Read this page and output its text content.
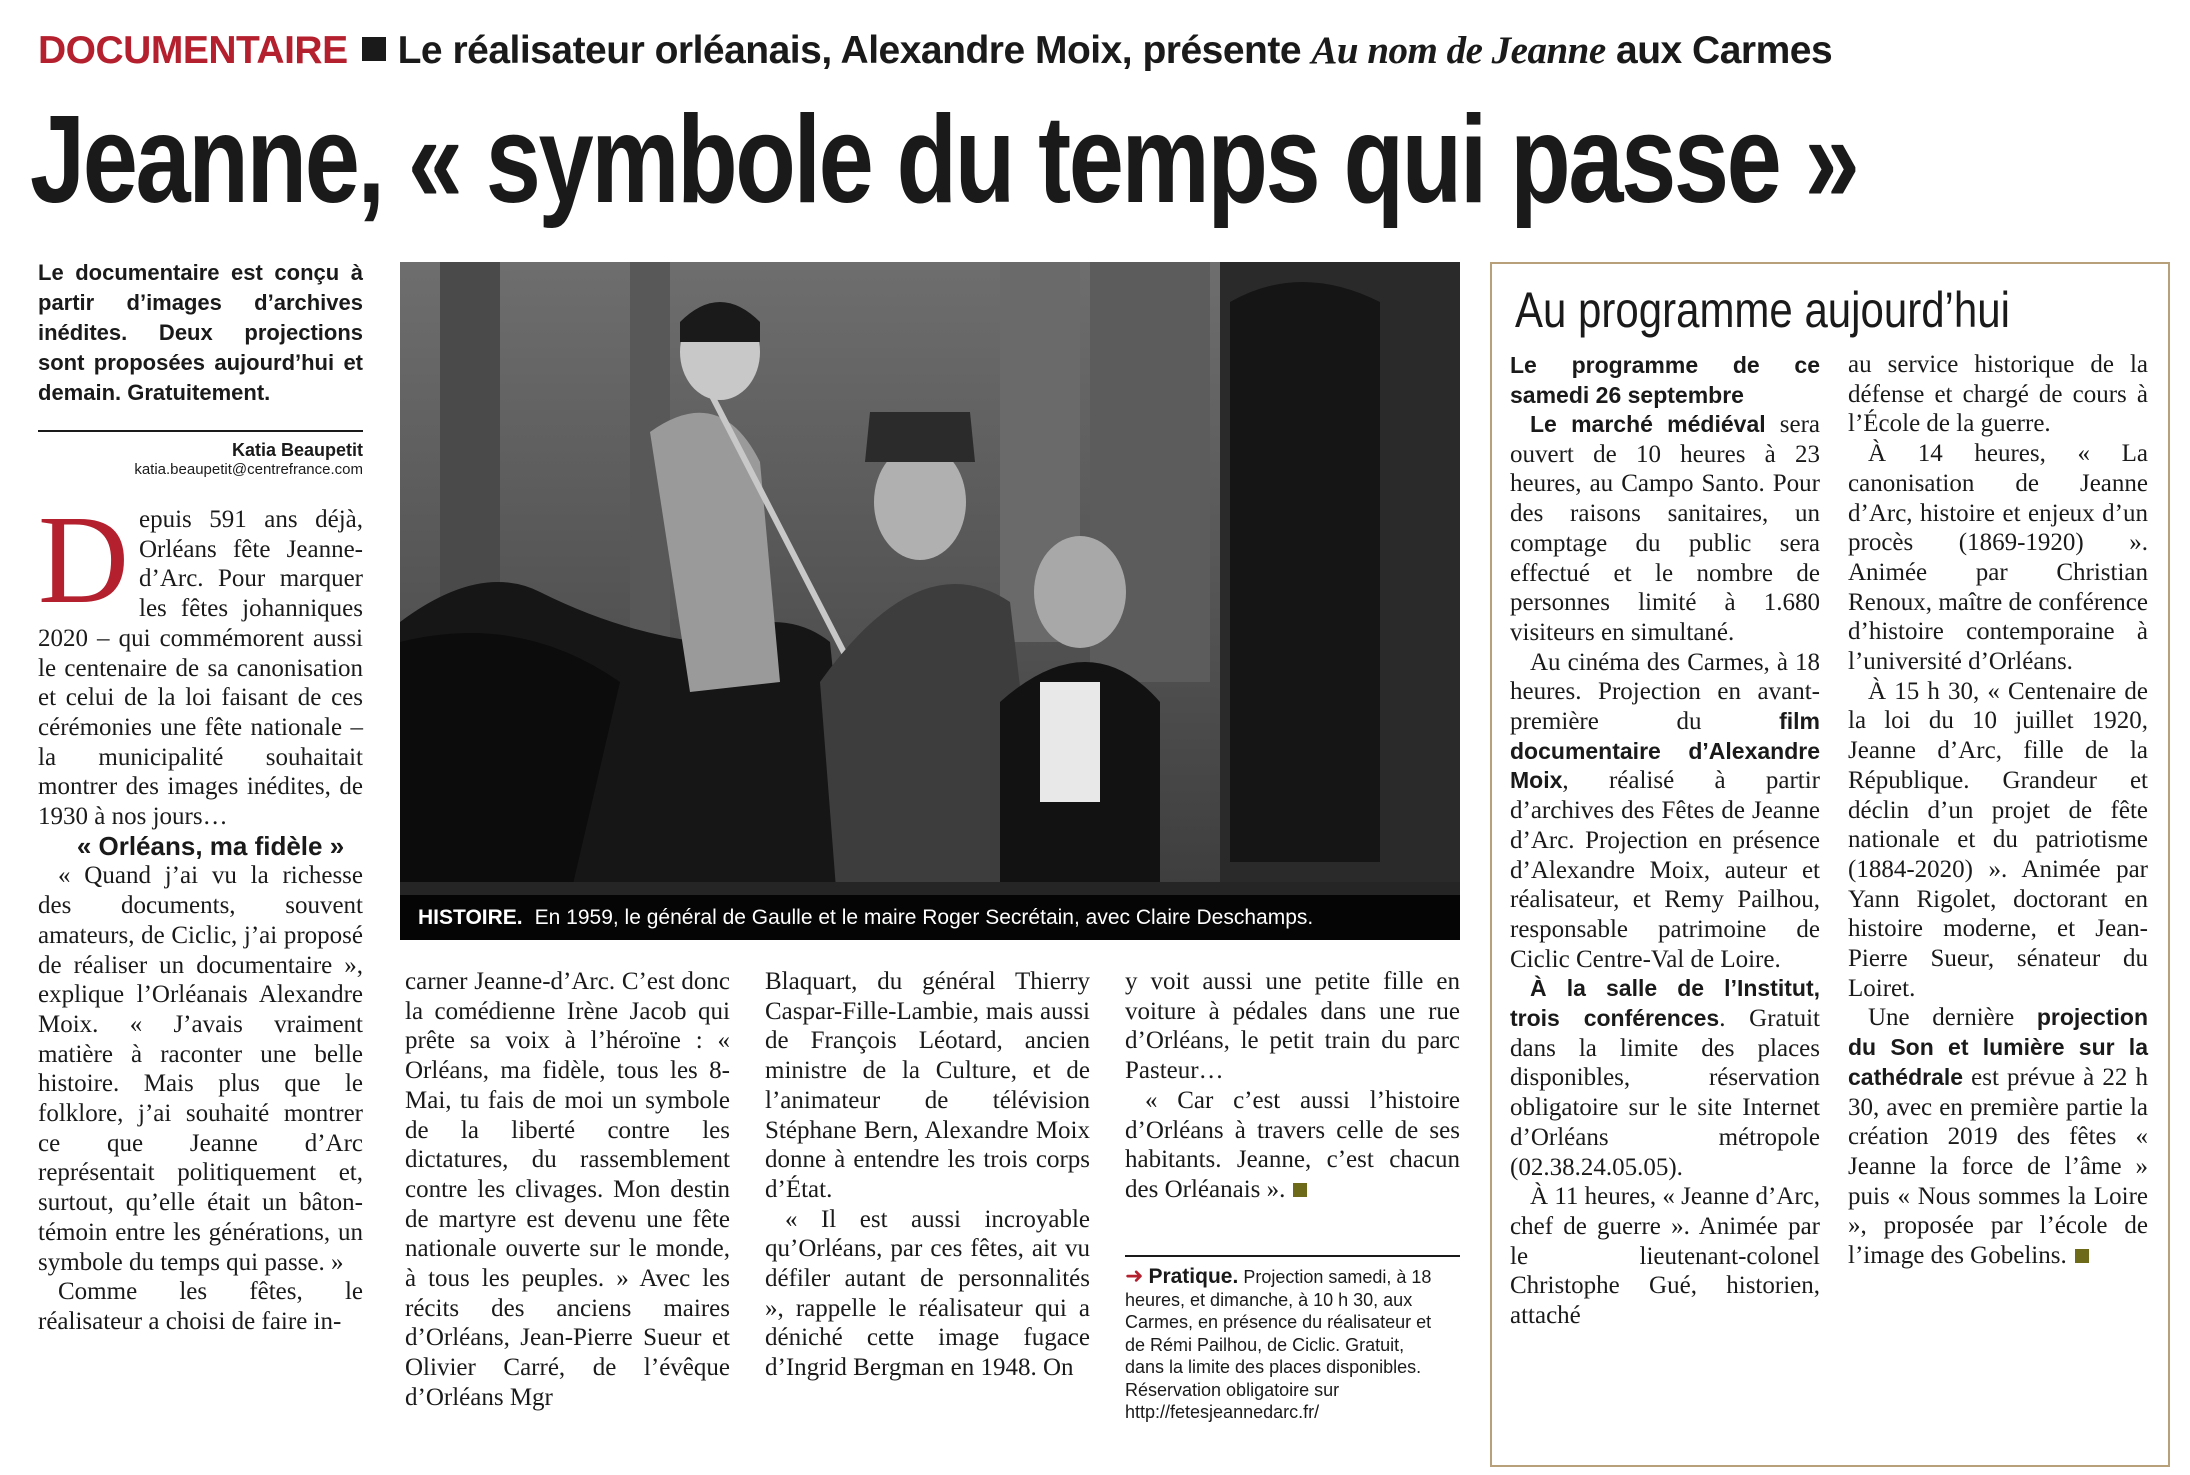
DOCUMENTAIRE Le réalisateur orléanais, Alexandre Moix, présente Au nom de Jeanne aux Carmes
Jeanne, « symbole du temps qui passe »
Le documentaire est conçu à partir d’images d’archives inédites. Deux projections sont proposées aujourd’hui et demain. Gratuitement.
Katia Beaupetit
katia.beaupetit@centrefrance.com

Depuis 591 ans déjà, Orléans fête Jeanne-d’Arc. Pour marquer les fêtes johanniques 2020 – qui commémorent aussi le centenaire de sa canonisation et celui de la loi faisant de ces cérémonies une fête nationale – la municipalité souhaitait montrer des images inédites, de 1930 à nos jours…

« Orléans, ma fidèle »

« Quand j’ai vu la richesse des documents, souvent amateurs, de Ciclic, j’ai proposé de réaliser un documentaire », explique l’Orléanais Alexandre Moix. « J’avais vraiment matière à raconter une belle histoire. Mais plus que le folklore, j’ai souhaité montrer ce que Jeanne d’Arc représentait politiquement et, surtout, qu’elle était un bâton-témoin entre les générations, un symbole du temps qui passe. »

Comme les fêtes, le réalisateur a choisi de faire in-

HISTOIRE. En 1959, le général de Gaulle et le maire Roger Secrétain, avec Claire Deschamps.

carner Jeanne-d’Arc. C’est donc la comédienne Irène Jacob qui prête sa voix à l’héroïne : « Orléans, ma fidèle, tous les 8-Mai, tu fais de moi un symbole de la liberté contre les dictatures, du rassemblement contre les clivages. Mon destin de martyre est devenu une fête nationale ouverte sur le monde, à tous les peuples. » Avec les récits des anciens maires d’Orléans, Jean-Pierre Sueur et Olivier Carré, de l’évêque d’Orléans Mgr

Blaquart, du général Thierry Caspar-Fille-Lambie, mais aussi de François Léotard, ancien ministre de la Culture, et de l’animateur de télévision Stéphane Bern, Alexandre Moix donne à entendre les trois corps d’État.

« Il est aussi incroyable qu’Orléans, par ces fêtes, ait vu défiler autant de personnalités », rappelle le réalisateur qui a déniché cette image fugace d’Ingrid Bergman en 1948. On

y voit aussi une petite fille en voiture à pédales dans une rue d’Orléans, le petit train du parc Pasteur…

« Car c’est aussi l’histoire d’Orléans à travers celle de ses habitants. Jeanne, c’est chacun des Orléanais ».

➜ Pratique. Projection samedi, à 18 heures, et dimanche, à 10 h 30, aux Carmes, en présence du réalisateur et de Rémi Pailhou, de Ciclic. Gratuit, dans la limite des places disponibles. Réservation obligatoire sur http://fetesjeannedarc.fr/
Au programme aujourd’hui

Le programme de ce samedi 26 septembre

Le marché médiéval sera ouvert de 10 heures à 23 heures, au Campo Santo. Pour des raisons sanitaires, un comptage du public sera effectué et le nombre de personnes limité à 1.680 visiteurs en simultané.

Au cinéma des Carmes, à 18 heures. Projection en avant-première du film documentaire d’Alexandre Moix, réalisé à partir d’archives des Fêtes de Jeanne d’Arc. Projection en présence d’Alexandre Moix, auteur et réalisateur, et Remy Pailhou, responsable patrimoine de Ciclic Centre-Val de Loire.

À la salle de l’Institut, trois conférences. Gratuit dans la limite des places disponibles, réservation obligatoire sur le site Internet d’Orléans métropole (02.38.24.05.05).

À 11 heures, « Jeanne d’Arc, chef de guerre ». Animée par le lieutenant-colonel Christophe Gué, historien, attaché

au service historique de la défense et chargé de cours à l’École de la guerre.

À 14 heures, « La canonisation de Jeanne d’Arc, histoire et enjeux d’un procès (1869-1920) ». Animée par Christian Renoux, maître de conférence d’histoire contemporaine à l’université d’Orléans.

À 15 h 30, « Centenaire de la loi du 10 juillet 1920, Jeanne d’Arc, fille de la République. Grandeur et déclin d’un projet de fête nationale et du patriotisme (1884-2020) ». Animée par Yann Rigolet, doctorant en histoire moderne, et Jean-Pierre Sueur, sénateur du Loiret.

Une dernière projection du Son et lumière sur la cathédrale est prévue à 22 h 30, avec en première partie la création 2019 des fêtes « Jeanne la force de l’âme » puis « Nous sommes la Loire », proposée par l’école de l’image des Gobelins.
